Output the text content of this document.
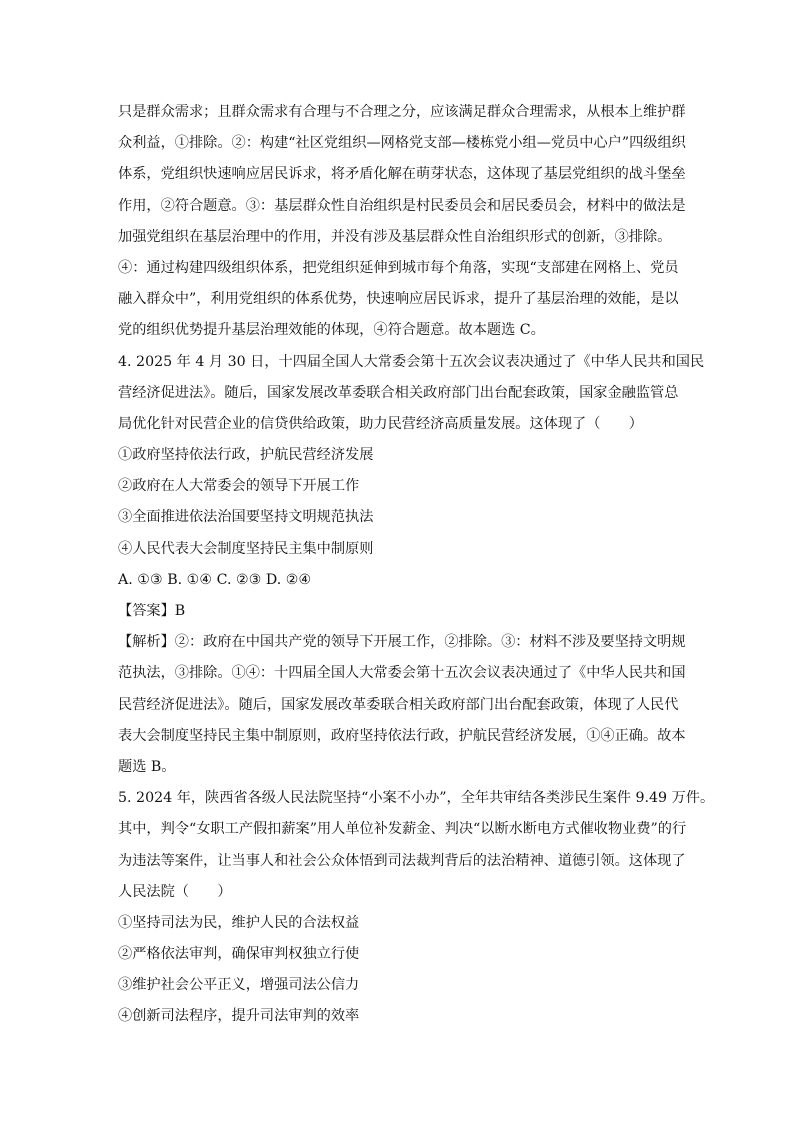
只是群众需求；且群众需求有合理与不合理之分，应该满足群众合理需求，从根本上维护群
众利益，①排除。②：构建“社区党组织—网格党支部—楼栋党小组—党员中心户”四级组织
体系，党组织快速响应居民诉求，将矛盾化解在萌芽状态，这体现了基层党组织的战斗堡垒
作用，②符合题意。③：基层群众性自治组织是村民委员会和居民委员会，材料中的做法是
加强党组织在基层治理中的作用，并没有涉及基层群众性自治组织形式的创新，③排除。
④：通过构建四级组织体系，把党组织延伸到城市每个角落，实现“支部建在网格上、党员
融入群众中”，利用党组织的体系优势，快速响应居民诉求，提升了基层治理的效能，是以
党的组织优势提升基层治理效能的体现，④符合题意。故本题选 C。
4. 2025 年 4 月 30 日，十四届全国人大常委会第十五次会议表决通过了《中华人民共和国民
营经济促进法》。随后，国家发展改革委联合相关政府部门出台配套政策，国家金融监管总
局优化针对民营企业的信贷供给政策，助力民营经济高质量发展。这体现了（　　）
①政府坚持依法行政，护航民营经济发展
②政府在人大常委会的领导下开展工作
③全面推进依法治国要坚持文明规范执法
④人民代表大会制度坚持民主集中制原则
A. ①③ B. ①④ C. ②③ D. ②④
【答案】B
【解析】②：政府在中国共产党的领导下开展工作，②排除。③：材料不涉及要坚持文明规
范执法，③排除。①④：十四届全国人大常委会第十五次会议表决通过了《中华人民共和国
民营经济促进法》。随后，国家发展改革委联合相关政府部门出台配套政策，体现了人民代
表大会制度坚持民主集中制原则，政府坚持依法行政，护航民营经济发展，①④正确。故本
题选 B。
5. 2024 年，陕西省各级人民法院坚持“小案不小办”，全年共审结各类涉民生案件 9.49 万件。
其中，判令“女职工产假扣薪案”用人单位补发薪金、判决“以断水断电方式催收物业费”的行
为违法等案件，让当事人和社会公众体悟到司法裁判背后的法治精神、道德引领。这体现了
人民法院（　　）
①坚持司法为民，维护人民的合法权益
②严格依法审判，确保审判权独立行使
③维护社会公平正义，增强司法公信力
④创新司法程序，提升司法审判的效率
